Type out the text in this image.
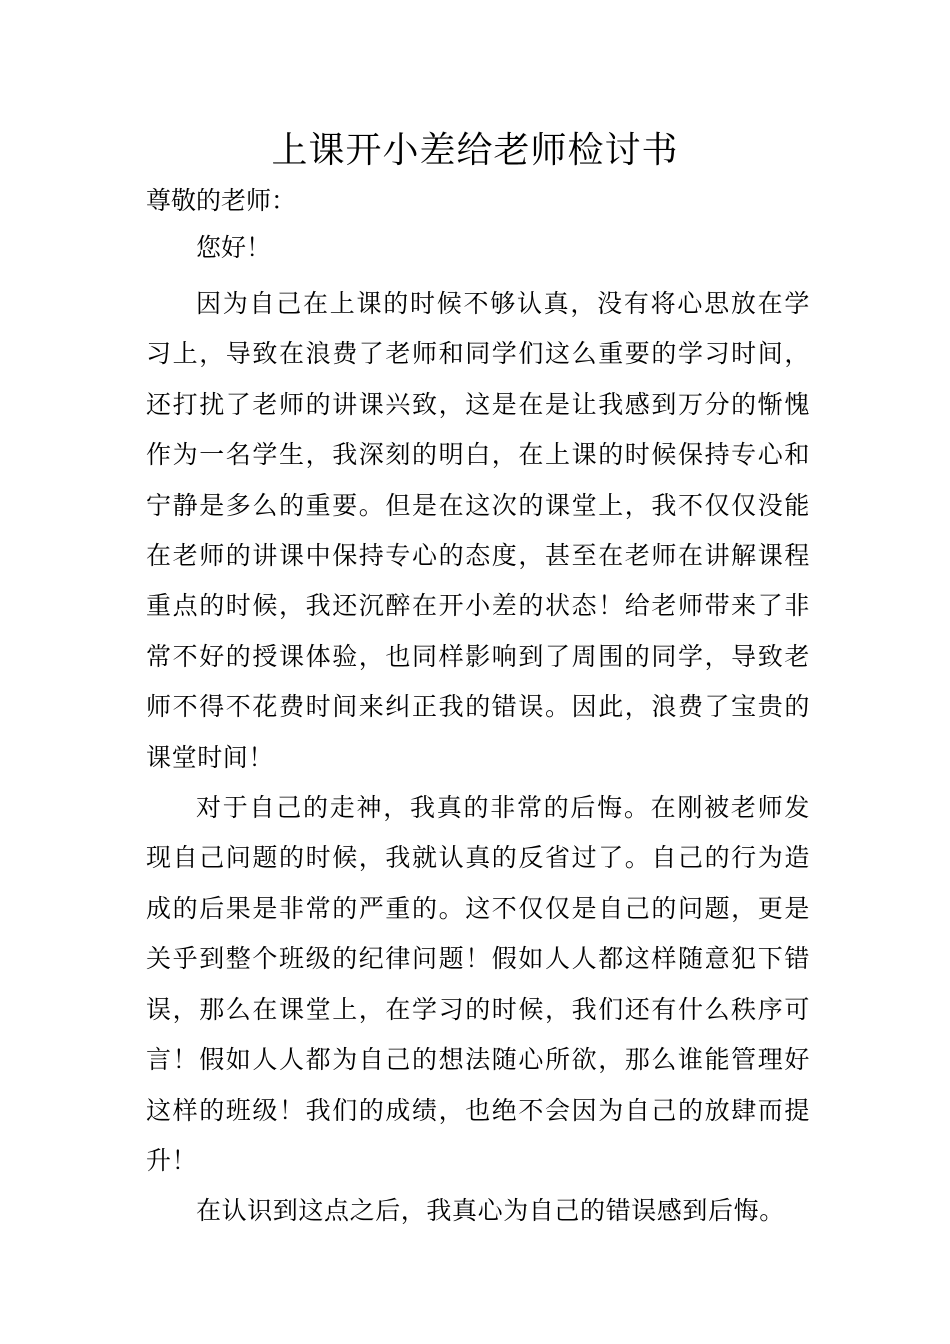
上课开小差给老师检讨书
尊敬的老师：
您好！

因为自己在上课的时候不够认真，没有将心思放在学习上，导致在浪费了老师和同学们这么重要的学习时间，还打扰了老师的讲课兴致，这是在是让我感到万分的惭愧作为一名学生，我深刻的明白，在上课的时候保持专心和宁静是多么的重要。但是在这次的课堂上，我不仅仅没能在老师的讲课中保持专心的态度，甚至在老师在讲解课程重点的时候，我还沉醉在开小差的状态！给老师带来了非常不好的授课体验，也同样影响到了周围的同学，导致老师不得不花费时间来纠正我的错误。因此，浪费了宝贵的课堂时间！

对于自己的走神，我真的非常的后悔。在刚被老师发现自己问题的时候，我就认真的反省过了。自己的行为造成的后果是非常的严重的。这不仅仅是自己的问题，更是关乎到整个班级的纪律问题！假如人人都这样随意犯下错误，那么在课堂上，在学习的时候，我们还有什么秩序可言！假如人人都为自己的想法随心所欲，那么谁能管理好这样的班级！我们的成绩，也绝不会因为自己的放肆而提升！

在认识到这点之后，我真心为自己的错误感到后悔。
